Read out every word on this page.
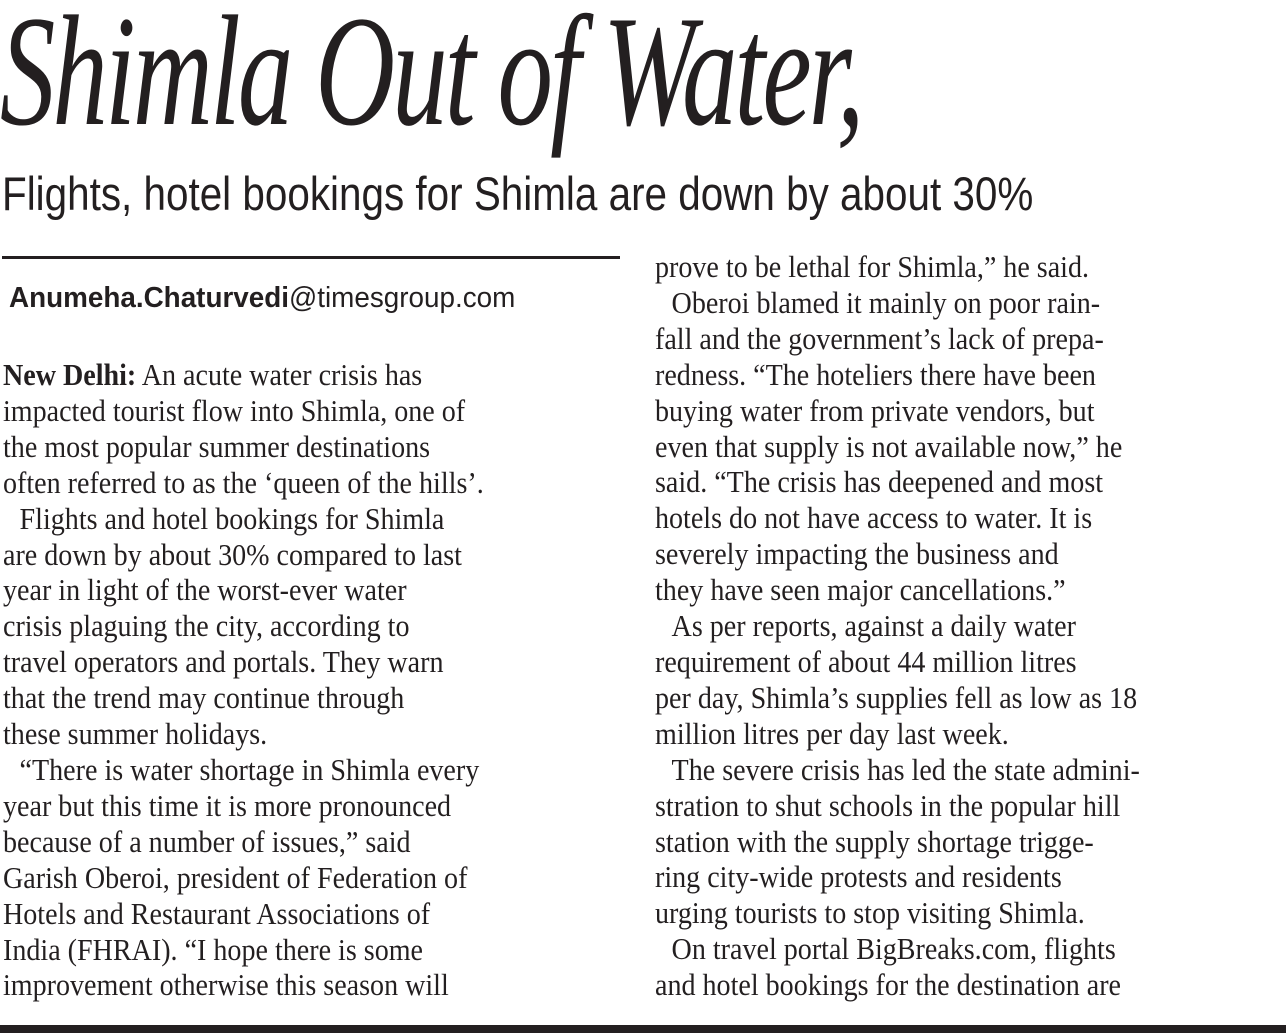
Shimla Out of Water,
Flights, hotel bookings for Shimla are down by about 30%
Anumeha.Chaturvedi@timesgroup.com
New Delhi: An acute water crisis has
impacted tourist flow into Shimla, one of
the most popular summer destinations
often referred to as the ‘queen of the hills’.
Flights and hotel bookings for Shimla
are down by about 30% compared to last
year in light of the worst-ever water
crisis plaguing the city, according to
travel operators and portals. They warn
that the trend may continue through
these summer holidays.
“There is water shortage in Shimla every
year but this time it is more pronounced
because of a number of issues,” said
Garish Oberoi, president of Federation of
Hotels and Restaurant Associations of
India (FHRAI). “I hope there is some
improvement otherwise this season will
prove to be lethal for Shimla,” he said.
Oberoi blamed it mainly on poor rain-
fall and the government’s lack of prepa-
redness. “The hoteliers there have been
buying water from private vendors, but
even that supply is not available now,” he
said. “The crisis has deepened and most
hotels do not have access to water. It is
severely impacting the business and
they have seen major cancellations.”
As per reports, against a daily water
requirement of about 44 million litres
per day, Shimla’s supplies fell as low as 18
million litres per day last week.
The severe crisis has led the state admini-
stration to shut schools in the popular hill
station with the supply shortage trigge-
ring city-wide protests and residents
urging tourists to stop visiting Shimla.
On travel portal BigBreaks.com, flights
and hotel bookings for the destination are
